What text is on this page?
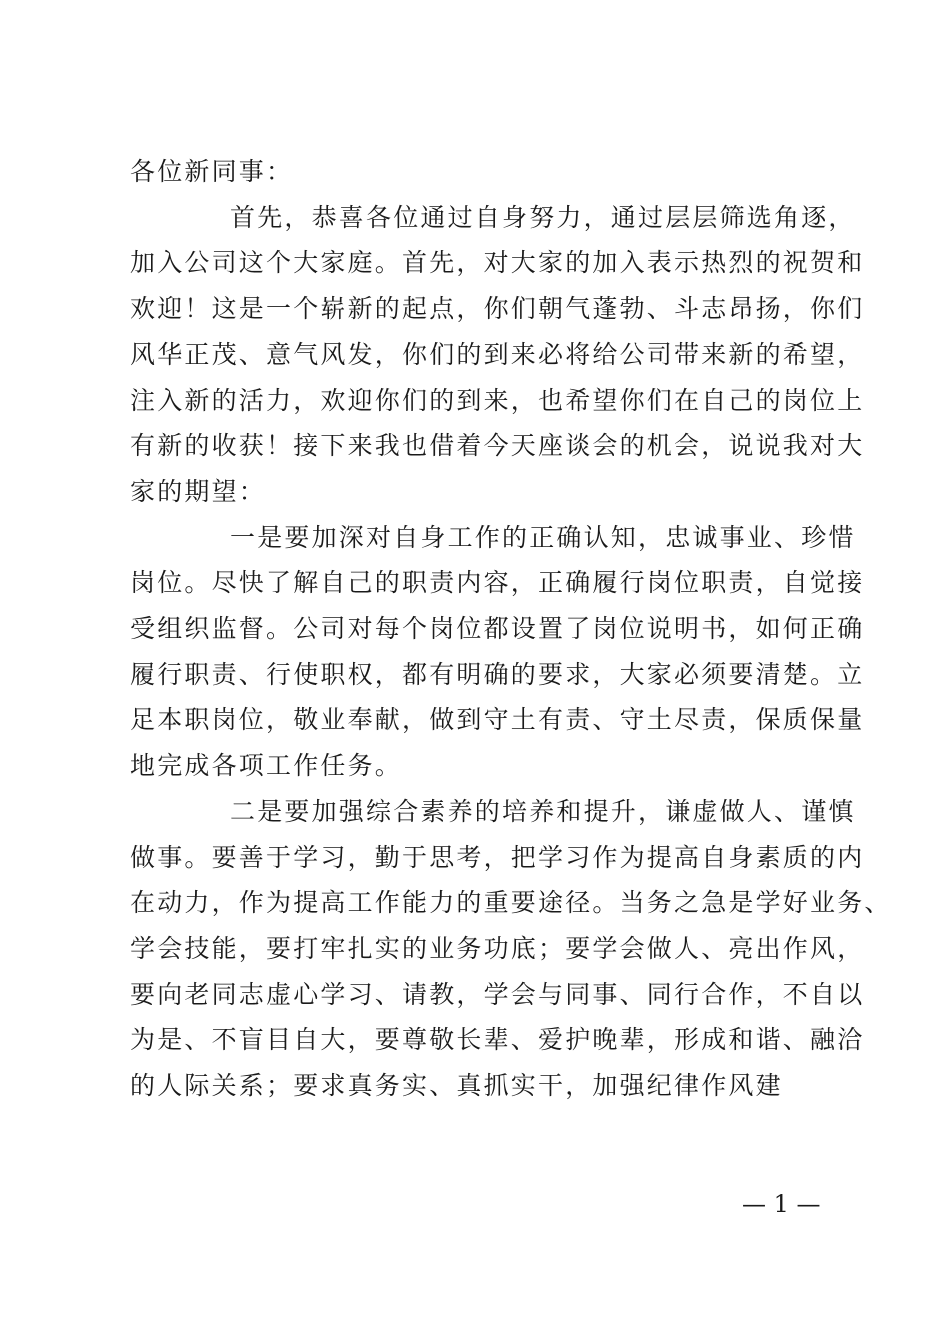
各位新同事：

首先，恭喜各位通过自身努力，通过层层筛选角逐，
加入公司这个大家庭。首先，对大家的加入表示热烈的祝贺和
欢迎！这是一个崭新的起点，你们朝气蓬勃、斗志昂扬，你们
风华正茂、意气风发，你们的到来必将给公司带来新的希望，
注入新的活力，欢迎你们的到来，也希望你们在自己的岗位上
有新的收获！接下来我也借着今天座谈会的机会，说说我对大
家的期望：

一是要加深对自身工作的正确认知，忠诚事业、珍惜
岗位。尽快了解自己的职责内容，正确履行岗位职责，自觉接
受组织监督。公司对每个岗位都设置了岗位说明书，如何正确
履行职责、行使职权，都有明确的要求，大家必须要清楚。立
足本职岗位，敬业奉献，做到守土有责、守土尽责，保质保量
地完成各项工作任务。

二是要加强综合素养的培养和提升，谦虚做人、谨慎
做事。要善于学习，勤于思考，把学习作为提高自身素质的内
在动力，作为提高工作能力的重要途径。当务之急是学好业务、
学会技能，要打牢扎实的业务功底；要学会做人、亮出作风，
要向老同志虚心学习、请教，学会与同事、同行合作，不自以
为是、不盲目自大，要尊敬长辈、爱护晚辈，形成和谐、融洽
的人际关系；要求真务实、真抓实干，加强纪律作风建

— 1 —
